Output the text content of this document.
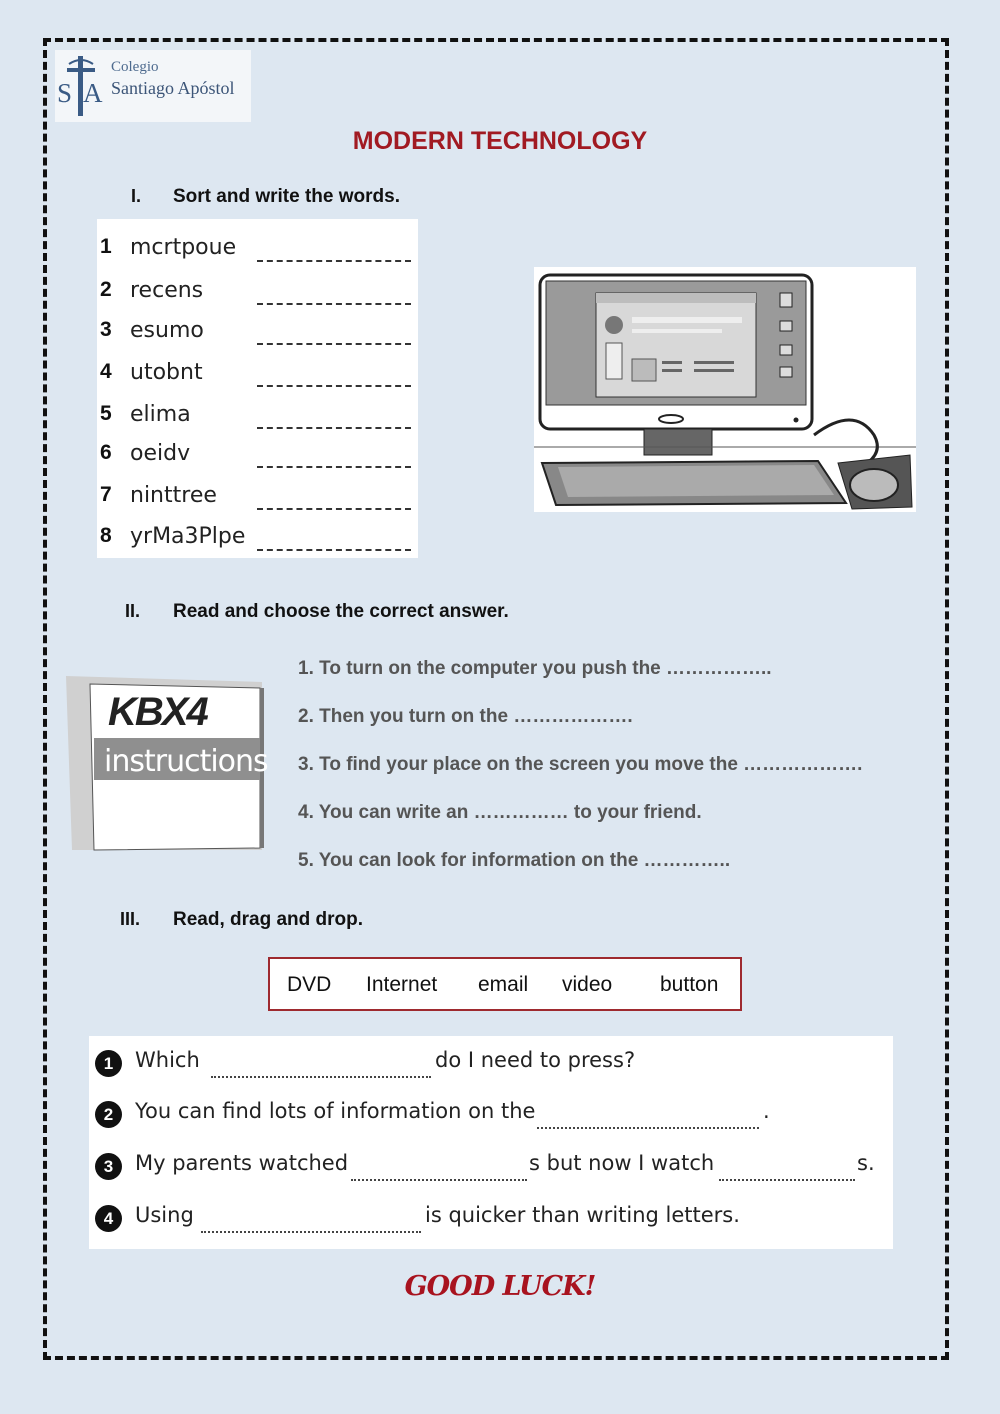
S A
Colegio
Santiago Apóstol
MODERN TECHNOLOGY
I. Sort and write the words.
1 mcrtpoue
2 recens
3 esumo
4 utobnt
5 elima
6 oeidv
7 ninttree
8 yrMa3Plpe
II. Read and choose the correct answer.
KBX4
instructions
1. To turn on the computer you push the ……………..
2. Then you turn on the ……………….
3. To find your place on the screen you move the ……………….
4. You can write an …………… to your friend.
5. You can look for information on the …………..
III. Read, drag and drop.
DVD Internet email video button
1	Which	do I need to press?
2	You can find lots of information on the	.
3	My parents watched	s but now I watch	s.
4	Using	is quicker than writing letters.
GOOD LUCK!
